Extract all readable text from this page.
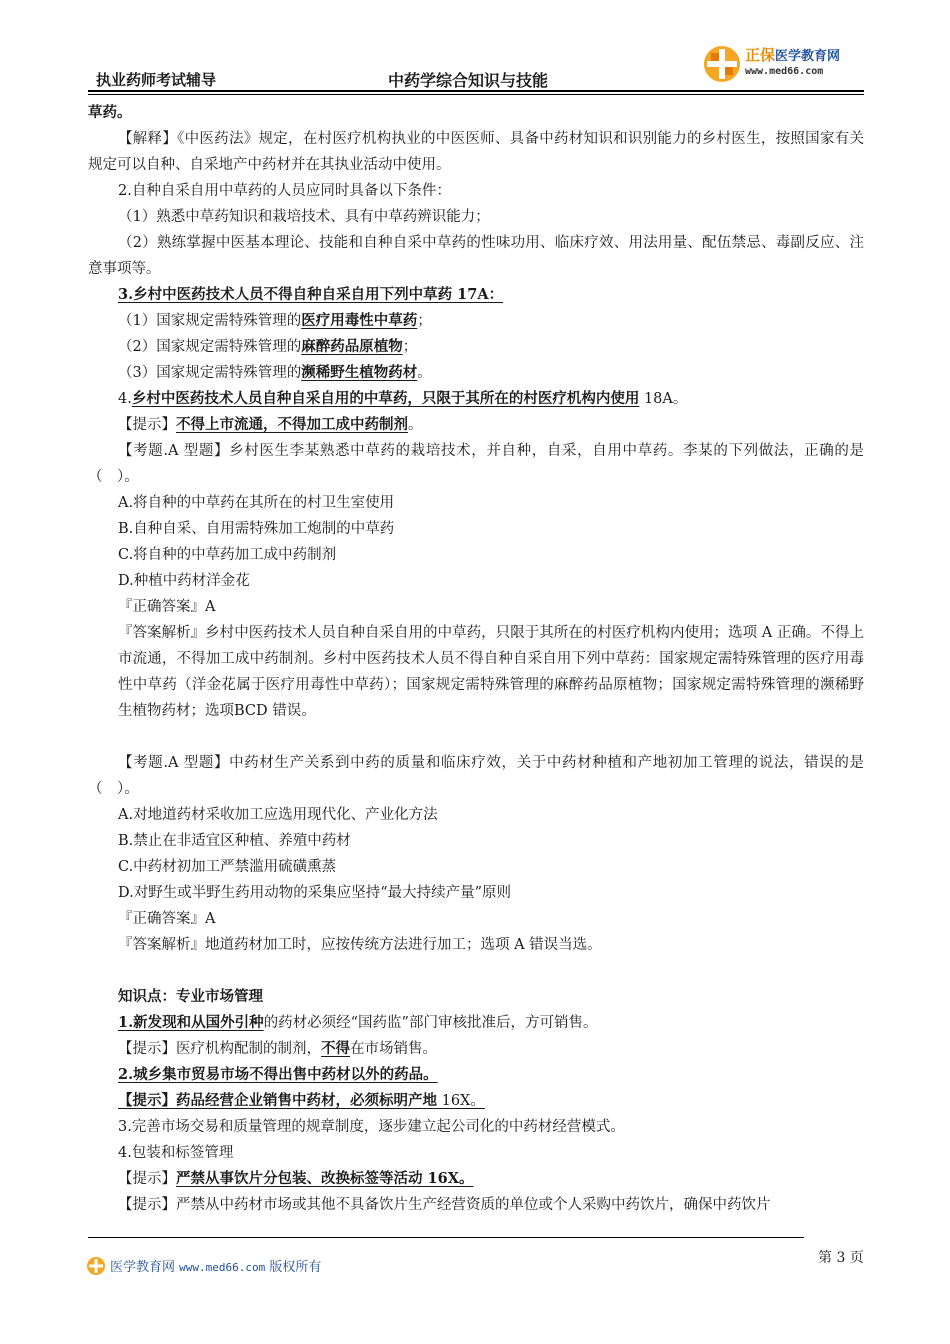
执业药师考试辅导	中药学综合知识与技能
正保医学教育网
www.med66.com

草药。

【解释】《中医药法》规定，在村医疗机构执业的中医医师、具备中药材知识和识别能力的乡村医生，按照国家有关规定可以自种、自采地产中药材并在其执业活动中使用。

2.自种自采自用中草药的人员应同时具备以下条件：

（1）熟悉中草药知识和栽培技术、具有中草药辨识能力；

（2）熟练掌握中医基本理论、技能和自种自采中草药的性味功用、临床疗效、用法用量、配伍禁忌、毒副反应、注意事项等。

3.乡村中医药技术人员不得自种自采自用下列中草药 17A：

（1）国家规定需特殊管理的医疗用毒性中草药；

（2）国家规定需特殊管理的麻醉药品原植物；

（3）国家规定需特殊管理的濒稀野生植物药材。

4.乡村中医药技术人员自种自采自用的中草药，只限于其所在的村医疗机构内使用 18A。

【提示】不得上市流通，不得加工成中药制剂。

【考题.A 型题】乡村医生李某熟悉中草药的栽培技术，并自种，自采，自用中草药。李某的下列做法，正确的是（　）。

A.将自种的中草药在其所在的村卫生室使用

B.自种自采、自用需特殊加工炮制的中草药

C.将自种的中草药加工成中药制剂

D.种植中药材洋金花

『正确答案』A

『答案解析』乡村中医药技术人员自种自采自用的中草药，只限于其所在的村医疗机构内使用；选项 A 正确。不得上市流通，不得加工成中药制剂。乡村中医药技术人员不得自种自采自用下列中草药：国家规定需特殊管理的医疗用毒性中草药（洋金花属于医疗用毒性中草药）；国家规定需特殊管理的麻醉药品原植物；国家规定需特殊管理的濒稀野生植物药材；选项BCD 错误。

【考题.A 型题】中药材生产关系到中药的质量和临床疗效，关于中药材种植和产地初加工管理的说法，错误的是（　）。

A.对地道药材采收加工应选用现代化、产业化方法

B.禁止在非适宜区种植、养殖中药材

C.中药材初加工严禁滥用硫磺熏蒸

D.对野生或半野生药用动物的采集应坚持“最大持续产量”原则

『正确答案』A

『答案解析』地道药材加工时，应按传统方法进行加工；选项 A 错误当选。

知识点：专业市场管理

1.新发现和从国外引种的药材必须经“国药监”部门审核批准后，方可销售。

【提示】医疗机构配制的制剂，不得在市场销售。

2.城乡集市贸易市场不得出售中药材以外的药品。

【提示】药品经营企业销售中药材，必须标明产地 16X。

3.完善市场交易和质量管理的规章制度，逐步建立起公司化的中药材经营模式。

4.包装和标签管理

【提示】严禁从事饮片分包装、改换标签等活动 16X。

【提示】严禁从中药材市场或其他不具备饮片生产经营资质的单位或个人采购中药饮片，确保中药饮片

第 3 页
医学教育网 www.med66.com 版权所有
